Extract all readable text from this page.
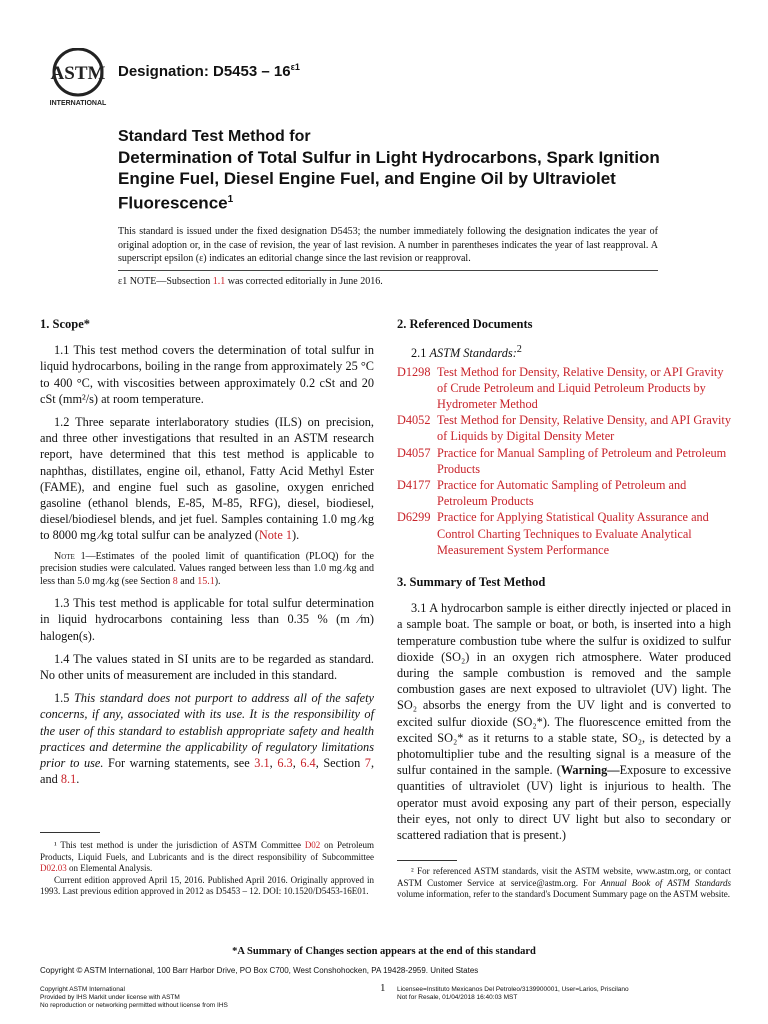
ASTM
INTERNATIONAL
Designation: $D5453 - 16^{\varepsilon 1}$
Standard Test Method for
Determination of Total Sulfur in Light Hydrocarbons, Spark Ignition Engine Fuel, Diesel Engine Fuel, and Engine Oil by Ultraviolet Fluorescence$^1$
This standard is issued under the fixed designation D5453; the number immediately following the designation indicates the year of original adoption or, in the case of revision, the year of last revision. A number in parentheses indicates the year of last reapproval. A superscript epsilon (ε) indicates an editorial change since the last revision or reapproval.
ε1 NOTE—Subsection 1.1 was corrected editorially in June 2016.
1. Scope*

1.1 This test method covers the determination of total sulfur in liquid hydrocarbons, boiling in the range from approximately 25 °C to 400 °C, with viscosities between approximately 0.2 cSt and 20 cSt (mm²/s) at room temperature.

1.2 Three separate interlaboratory studies (ILS) on precision, and three other investigations that resulted in an ASTM research report, have determined that this test method is applicable to naphthas, distillates, engine oil, ethanol, Fatty Acid Methyl Ester (FAME), and engine fuel such as gasoline, oxygen enriched gasoline (ethanol blends, E-85, M-85, RFG), diesel, biodiesel, diesel/biodiesel blends, and jet fuel. Samples containing 1.0 mg ⁄kg to 8000 mg ⁄kg total sulfur can be analyzed (Note 1).

Note 1—Estimates of the pooled limit of quantification (PLOQ) for the precision studies were calculated. Values ranged between less than 1.0 mg ⁄kg and less than 5.0 mg ⁄kg (see Section 8 and 15.1).

1.3 This test method is applicable for total sulfur determination in liquid hydrocarbons containing less than 0.35 % (m ⁄m) halogen(s).

1.4 The values stated in SI units are to be regarded as standard. No other units of measurement are included in this standard.

1.5 This standard does not purport to address all of the safety concerns, if any, associated with its use. It is the responsibility of the user of this standard to establish appropriate safety and health practices and determine the applicability of regulatory limitations prior to use. For warning statements, see 3.1, 6.3, 6.4, Section 7, and 8.1.

2. Referenced Documents

2.1 ASTM Standards:$^2$

D1298 Test Method for Density, Relative Density, or API Gravity of Crude Petroleum and Liquid Petroleum Products by Hydrometer Method
D4052 Test Method for Density, Relative Density, and API Gravity of Liquids by Digital Density Meter
D4057 Practice for Manual Sampling of Petroleum and Petroleum Products
D4177 Practice for Automatic Sampling of Petroleum and Petroleum Products
D6299 Practice for Applying Statistical Quality Assurance and Control Charting Techniques to Evaluate Analytical Measurement System Performance
3. Summary of Test Method

3.1 A hydrocarbon sample is either directly injected or placed in a sample boat. The sample or boat, or both, is inserted into a high temperature combustion tube where the sulfur is oxidized to sulfur dioxide (SO₂) in an oxygen rich atmosphere. Water produced during the sample combustion is removed and the sample combustion gases are next exposed to ultraviolet (UV) light. The SO₂ absorbs the energy from the UV light and is converted to excited sulfur dioxide (SO₂*). The fluorescence emitted from the excited SO₂* as it returns to a stable state, SO₂, is detected by a photomultiplier tube and the resulting signal is a measure of the sulfur contained in the sample. (Warning—Exposure to excessive quantities of ultraviolet (UV) light is injurious to health. The operator must avoid exposing any part of their person, especially their eyes, not only to direct UV light but also to secondary or scattered radiation that is present.)

¹ This test method is under the jurisdiction of ASTM Committee D02 on Petroleum Products, Liquid Fuels, and Lubricants and is the direct responsibility of Subcommittee D02.03 on Elemental Analysis.

Current edition approved April 15, 2016. Published April 2016. Originally approved in 1993. Last previous edition approved in 2012 as D5453 – 12. DOI: 10.1520/D5453-16E01.

² For referenced ASTM standards, visit the ASTM website, www.astm.org, or contact ASTM Customer Service at service@astm.org. For Annual Book of ASTM Standards volume information, refer to the standard's Document Summary page on the ASTM website.

*A Summary of Changes section appears at the end of this standard
Copyright © ASTM International, 100 Barr Harbor Drive, PO Box C700, West Conshohocken, PA 19428-2959. United States
Copyright ASTM International
Provided by IHS Markit under license with ASTM
No reproduction or networking permitted without license from IHS
1 Licensee=Instituto Mexicanos Del Petroleo/3139900001, User=Larios, Priscilano
Not for Resale, 01/04/2018 16:40:03 MST
